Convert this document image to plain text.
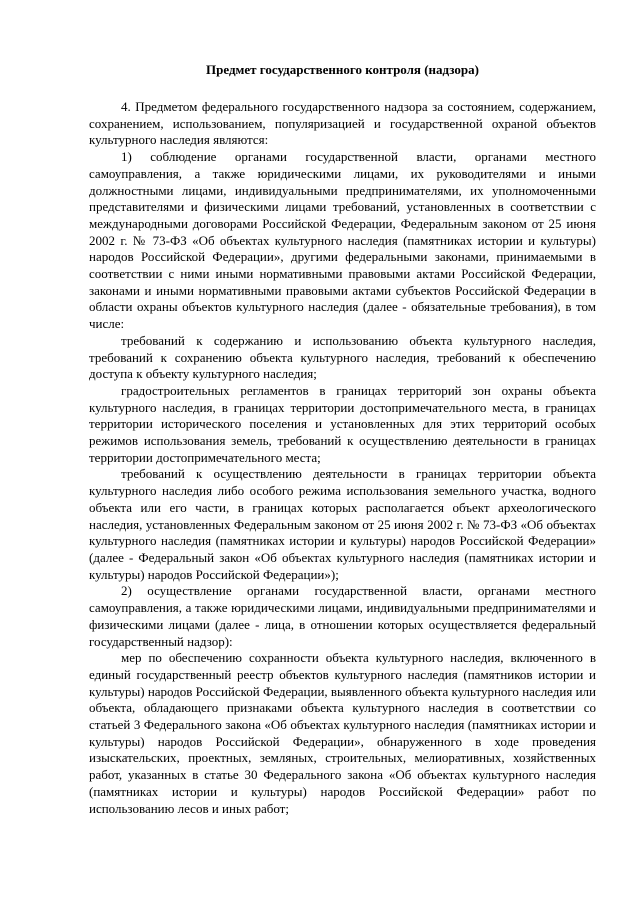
Предмет государственного контроля (надзора)

4. Предметом федерального государственного надзора за состоянием, содержанием, сохранением, использованием, популяризацией и государственной охраной объектов культурного наследия являются:

1) соблюдение органами государственной власти, органами местного самоуправления, а также юридическими лицами, их руководителями и иными должностными лицами, индивидуальными предпринимателями, их уполномоченными представителями и физическими лицами требований, установленных в соответствии с международными договорами Российской Федерации, Федеральным законом от 25 июня 2002 г. № 73-ФЗ «Об объектах культурного наследия (памятниках истории и культуры) народов Российской Федерации», другими федеральными законами, принимаемыми в соответствии с ними иными нормативными правовыми актами Российской Федерации, законами и иными нормативными правовыми актами субъектов Российской Федерации в области охраны объектов культурного наследия (далее - обязательные требования), в том числе:

требований к содержанию и использованию объекта культурного наследия, требований к сохранению объекта культурного наследия, требований к обеспечению доступа к объекту культурного наследия;

градостроительных регламентов в границах территорий зон охраны объекта культурного наследия, в границах территории достопримечательного места, в границах территории исторического поселения и установленных для этих территорий особых режимов использования земель, требований к осуществлению деятельности в границах территории достопримечательного места;

требований к осуществлению деятельности в границах территории объекта культурного наследия либо особого режима использования земельного участка, водного объекта или его части, в границах которых располагается объект археологического наследия, установленных Федеральным законом от 25 июня 2002 г. № 73-ФЗ «Об объектах культурного наследия (памятниках истории и культуры) народов Российской Федерации» (далее - Федеральный закон «Об объектах культурного наследия (памятниках истории и культуры) народов Российской Федерации»);

2) осуществление органами государственной власти, органами местного самоуправления, а также юридическими лицами, индивидуальными предпринимателями и физическими лицами (далее - лица, в отношении которых осуществляется федеральный государственный надзор):

мер по обеспечению сохранности объекта культурного наследия, включенного в единый государственный реестр объектов культурного наследия (памятников истории и культуры) народов Российской Федерации, выявленного объекта культурного наследия или объекта, обладающего признаками объекта культурного наследия в соответствии со статьей 3 Федерального закона «Об объектах культурного наследия (памятниках истории и культуры) народов Российской Федерации», обнаруженного в ходе проведения изыскательских, проектных, земляных, строительных, мелиоративных, хозяйственных работ, указанных в статье 30 Федерального закона «Об объектах культурного наследия (памятниках истории и культуры) народов Российской Федерации» работ по использованию лесов и иных работ;
